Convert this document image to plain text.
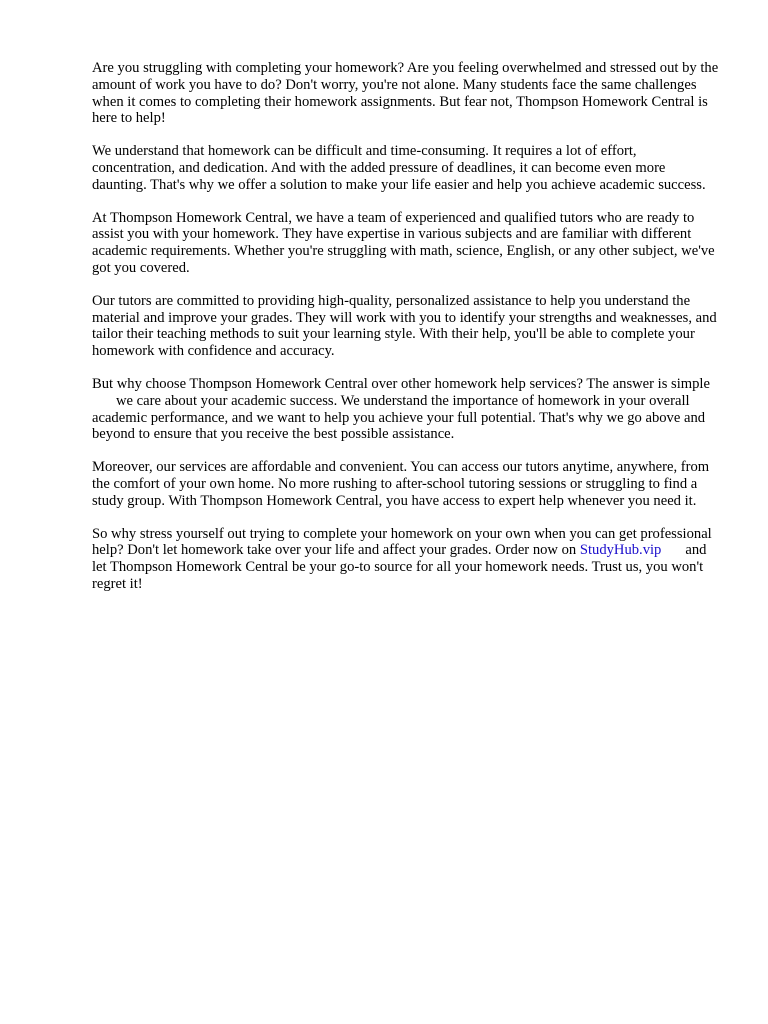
Are you struggling with completing your homework? Are you feeling overwhelmed and stressed out by the amount of work you have to do? Don't worry, you're not alone. Many students face the same challenges when it comes to completing their homework assignments. But fear not, Thompson Homework Central is here to help!

We understand that homework can be difficult and time-consuming. It requires a lot of effort, concentration, and dedication. And with the added pressure of deadlines, it can become even more daunting. That's why we offer a solution to make your life easier and help you achieve academic success.

At Thompson Homework Central, we have a team of experienced and qualified tutors who are ready to assist you with your homework. They have expertise in various subjects and are familiar with different academic requirements. Whether you're struggling with math, science, English, or any other subject, we've got you covered.

Our tutors are committed to providing high-quality, personalized assistance to help you understand the material and improve your grades. They will work with you to identify your strengths and weaknesses, and tailor their teaching methods to suit your learning style. With their help, you'll be able to complete your homework with confidence and accuracy.

But why choose Thompson Homework Central over other homework help services? The answer is simplewe care about your academic success. We understand the importance of homework in your overall academic performance, and we want to help you achieve your full potential. That's why we go above and beyond to ensure that you receive the best possible assistance.

Moreover, our services are affordable and convenient. You can access our tutors anytime, anywhere, from the comfort of your own home. No more rushing to after-school tutoring sessions or struggling to find a study group. With Thompson Homework Central, you have access to expert help whenever you need it.

So why stress yourself out trying to complete your homework on your own when you can get professional help? Don't let homework take over your life and affect your grades. Order now on StudyHub.vip and let Thompson Homework Central be your go-to source for all your homework needs. Trust us, you won't regret it!
